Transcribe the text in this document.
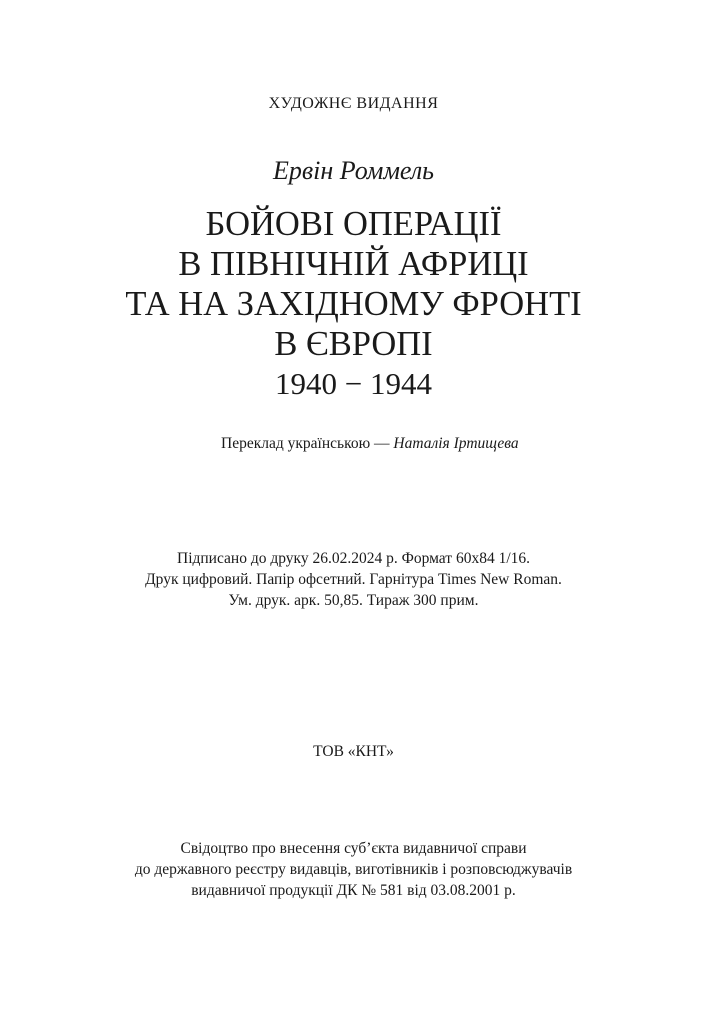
ХУДОЖНЄ ВИДАННЯ
Ервін Роммель
БОЙОВІ ОПЕРАЦІЇ
В ПІВНІЧНІЙ АФРИЦІ
ТА НА ЗАХІДНОМУ ФРОНТІ
В ЄВРОПІ
1940 − 1944
Переклад українською — Наталія Іртищева
Підписано до друку 26.02.2024 р. Формат 60x84 1/16.
Друк цифровий. Папір офсетний. Гарнітура Times New Roman.
Ум. друк. арк. 50,85. Тираж 300 прим.
ТОВ «КНТ»
Свідоцтво про внесення суб’єкта видавничої справи
до державного реєстру видавців, виготівників і розповсюджувачів
видавничої продукції ДК № 581 від 03.08.2001 р.
